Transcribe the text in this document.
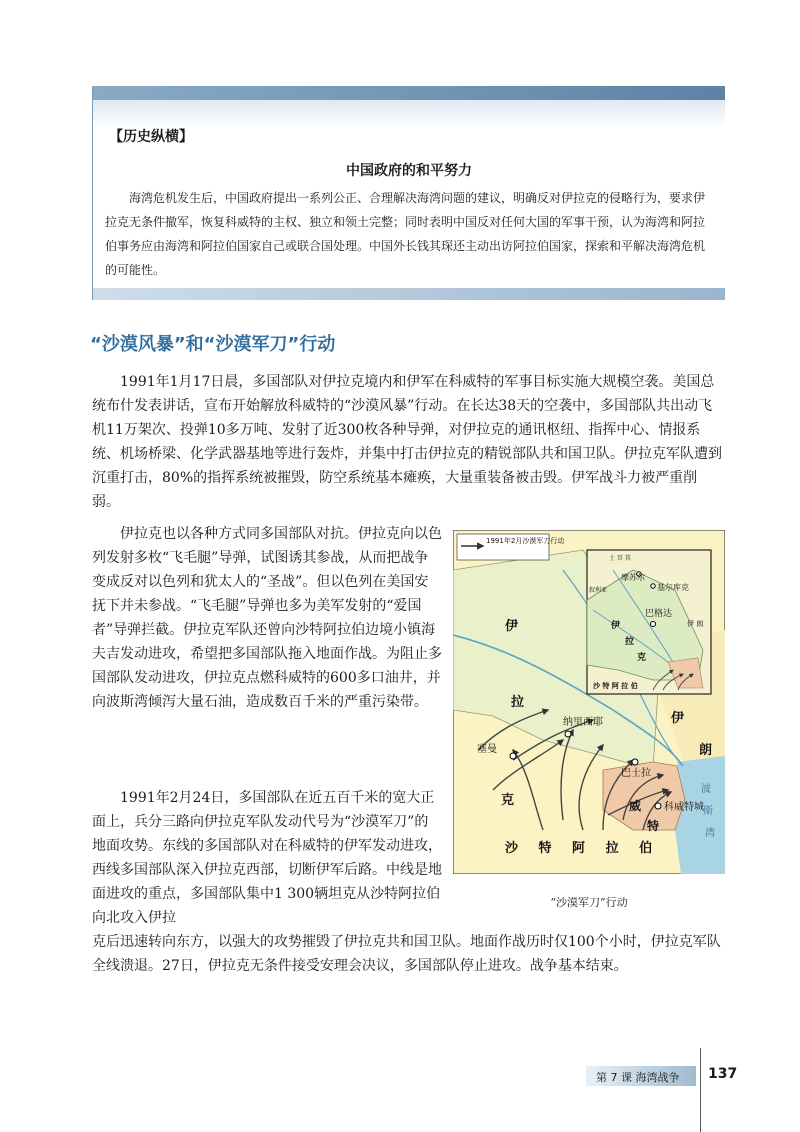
【历史纵横】
中国政府的和平努力
海湾危机发生后，中国政府提出一系列公正、合理解决海湾问题的建议，明确反对伊拉克的侵略行为，要求伊拉克无条件撤军，恢复科威特的主权、独立和领土完整；同时表明中国反对任何大国的军事干预，认为海湾和阿拉伯事务应由海湾和阿拉伯国家自己或联合国处理。中国外长钱其琛还主动出访阿拉伯国家，探索和平解决海湾危机的可能性。
“沙漠风暴”和“沙漠军刀”行动

1991年1月17日晨，多国部队对伊拉克境内和伊军在科威特的军事目标实施大规模空袭。美国总统布什发表讲话，宣布开始解放科威特的“沙漠风暴”行动。在长达38天的空袭中，多国部队共出动飞机11万架次、投弹10多万吨、发射了近300枚各种导弹，对伊拉克的通讯枢纽、指挥中心、情报系统、机场桥梁、化学武器基地等进行轰炸，并集中打击伊拉克的精锐部队共和国卫队。伊拉克军队遭到沉重打击，80%的指挥系统被摧毁，防空系统基本瘫痪，大量重装备被击毁。伊军战斗力被严重削弱。

伊拉克也以各种方式同多国部队对抗。伊拉克向以色列发射多枚“飞毛腿”导弹，试图诱其参战，从而把战争变成反对以色列和犹太人的“圣战”。但以色列在美国安抚下并未参战。“飞毛腿”导弹也多为美军发射的“爱国者”导弹拦截。伊拉克军队还曾向沙特阿拉伯边境小镇海夫吉发动进攻，希望把多国部队拖入地面作战。为阻止多国部队发动进攻，伊拉克点燃科威特的600多口油井，并向波斯湾倾泻大量石油，造成数百千米的严重污染带。

1991年2月24日，多国部队在近五百千米的宽大正面上，兵分三路向伊拉克军队发动代号为“沙漠军刀”的地面攻势。东线的多国部队对在科威特的伊军发动进攻，西线多国部队深入伊拉克西部，切断伊军后路。中线是地面进攻的重点，多国部队集中1 300辆坦克从沙特阿拉伯向北攻入伊拉

克后迅速转向东方，以强大的攻势摧毁了伊拉克共和国卫队。地面作战历时仅100个小时，伊拉克军队全线溃退。27日，伊拉克无条件接受安理会决议，多国部队停止进攻。战争基本结束。

1991年2月沙漠军刀行动
伊
拉
克
伊
朗
沙 特 阿 拉 伯
威
特
波
斯
湾
纳里西耶
塞曼
巴士拉
科威特城
土 耳 其
叙利亚
摩苏尔
基尔库克
巴格达
伊
拉
克
伊 朗
沙 特 阿 拉 伯
“沙漠军刀”行动
第 7 课 海湾战争 137
